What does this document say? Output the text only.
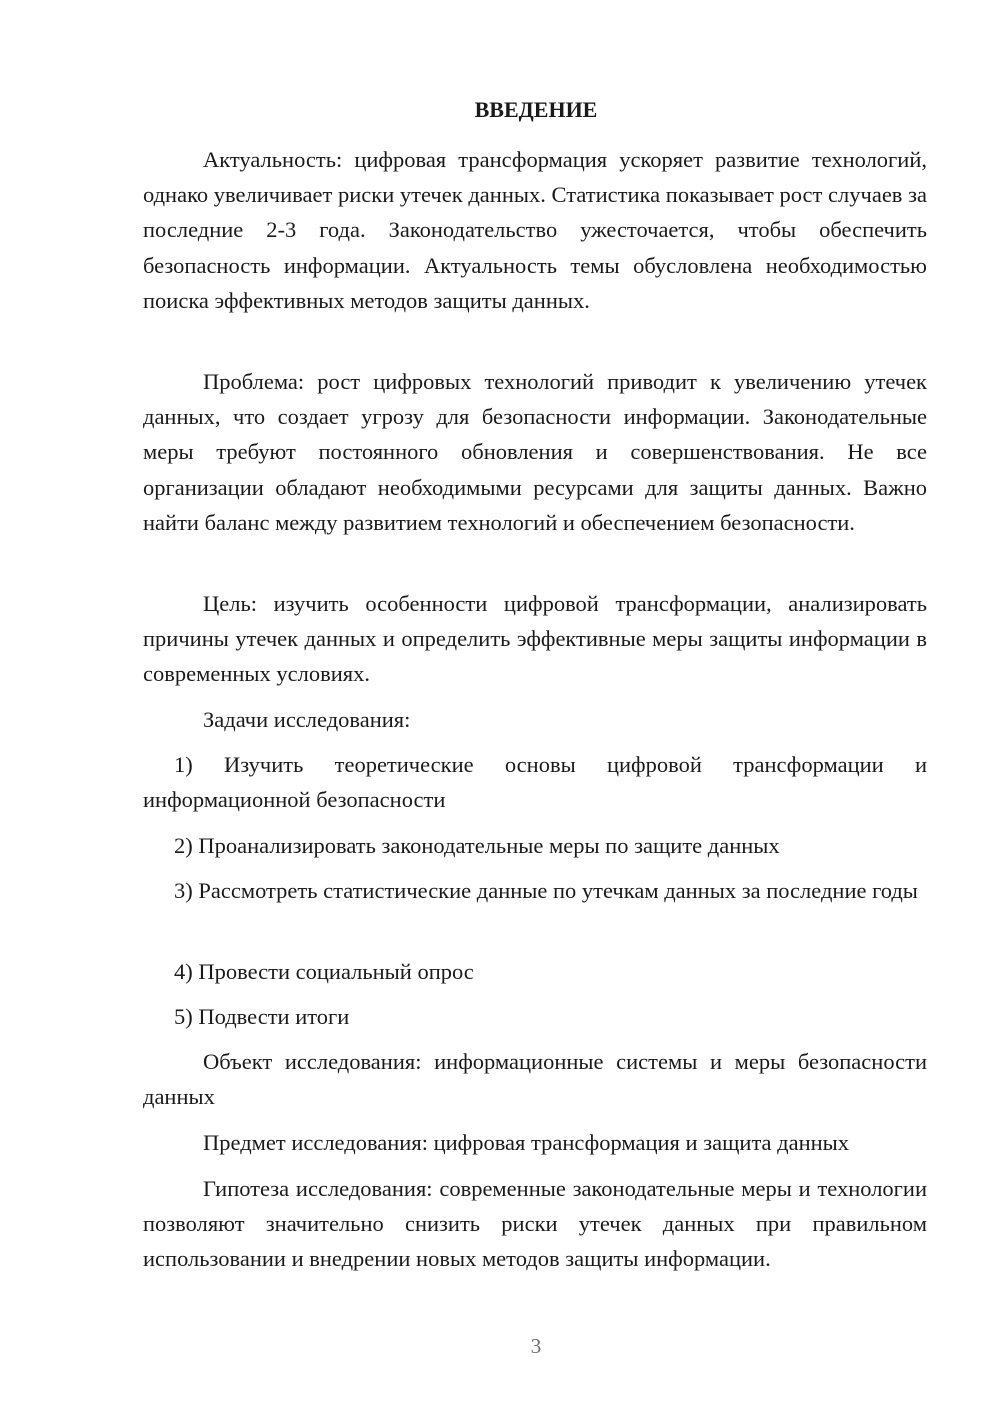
ВВЕДЕНИЕ

Актуальность: цифровая трансформация ускоряет развитие технологий, однако увеличивает риски утечек данных. Статистика показывает рост случаев за последние 2-3 года. Законодательство ужесточается, чтобы обеспечить безопасность информации. Актуальность темы обусловлена необходимостью поиска эффективных методов защиты данных.

Проблема: рост цифровых технологий приводит к увеличению утечек данных, что создает угрозу для безопасности информации. Законодательные меры требуют постоянного обновления и совершенствования. Не все организации обладают необходимыми ресурсами для защиты данных. Важно найти баланс между развитием технологий и обеспечением безопасности.

Цель: изучить особенности цифровой трансформации, анализировать причины утечек данных и определить эффективные меры защиты информации в современных условиях.

Задачи исследования:

1) Изучить теоретические основы цифровой трансформации и информационной безопасности

2) Проанализировать законодательные меры по защите данных

3) Рассмотреть статистические данные по утечкам данных за последние годы

4) Провести социальный опрос

5) Подвести итоги

Объект исследования: информационные системы и меры безопасности данных

Предмет исследования: цифровая трансформация и защита данных

Гипотеза исследования: современные законодательные меры и технологии позволяют значительно снизить риски утечек данных при правильном использовании и внедрении новых методов защиты информации.

3
